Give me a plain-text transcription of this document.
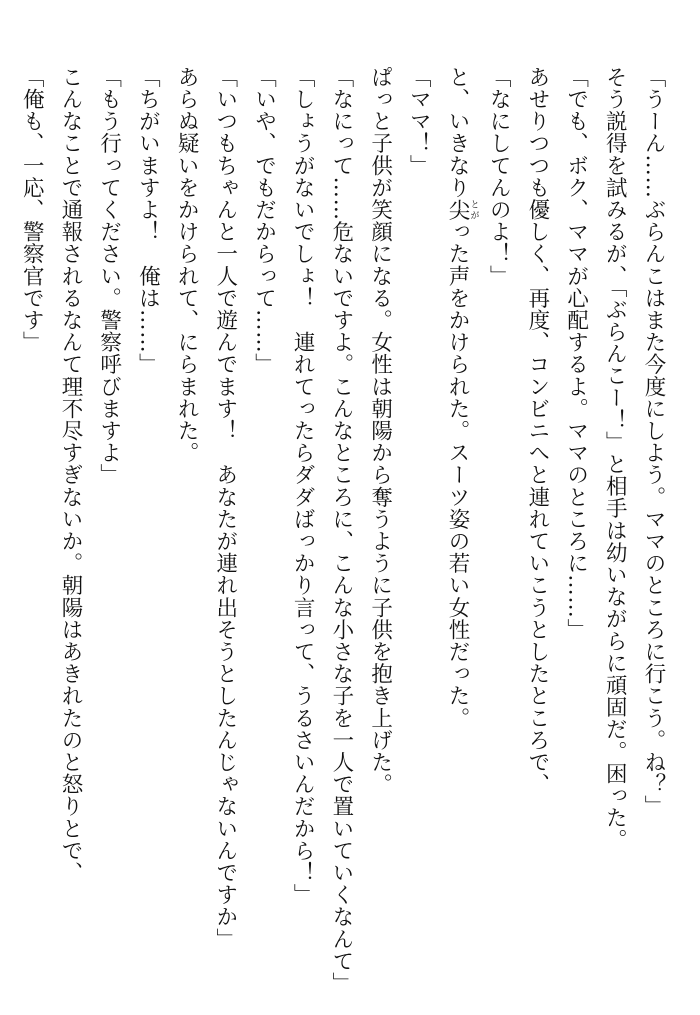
「うーん……ぶらんこはまた今度にしよう。ママのところに行こう。ね？」
そう説得を試みるが、「ぶらんこー！」と相手は幼いながらに頑固だ。困った。
「でも、ボク、ママが心配するよ。ママのところに……」
あせりつつも優しく、再度、コンビニへと連れていこうとしたところで、
「なにしてんのよ！」
と、いきなり尖とがった声をかけられた。スーツ姿の若い女性だった。
「ママ！」
ぱっと子供が笑顔になる。女性は朝陽から奪うように子供を抱き上げた。
「なにって……危ないですよ。こんなところに、こんな小さな子を一人で置いていくなんて」
「しょうがないでしょ！　連れてったらダダばっかり言って、うるさいんだから！」
「いや、でもだからって……」
「いつもちゃんと一人で遊んでます！　あなたが連れ出そうとしたんじゃないんですか」
あらぬ疑いをかけられて、にらまれた。
「ちがいますよ！　俺は……」
「もう行ってください。警察呼びますよ」
こんなことで通報されるなんて理不尽すぎないか。朝陽はあきれたのと怒りとで、
「俺も、一応、警察官です」
